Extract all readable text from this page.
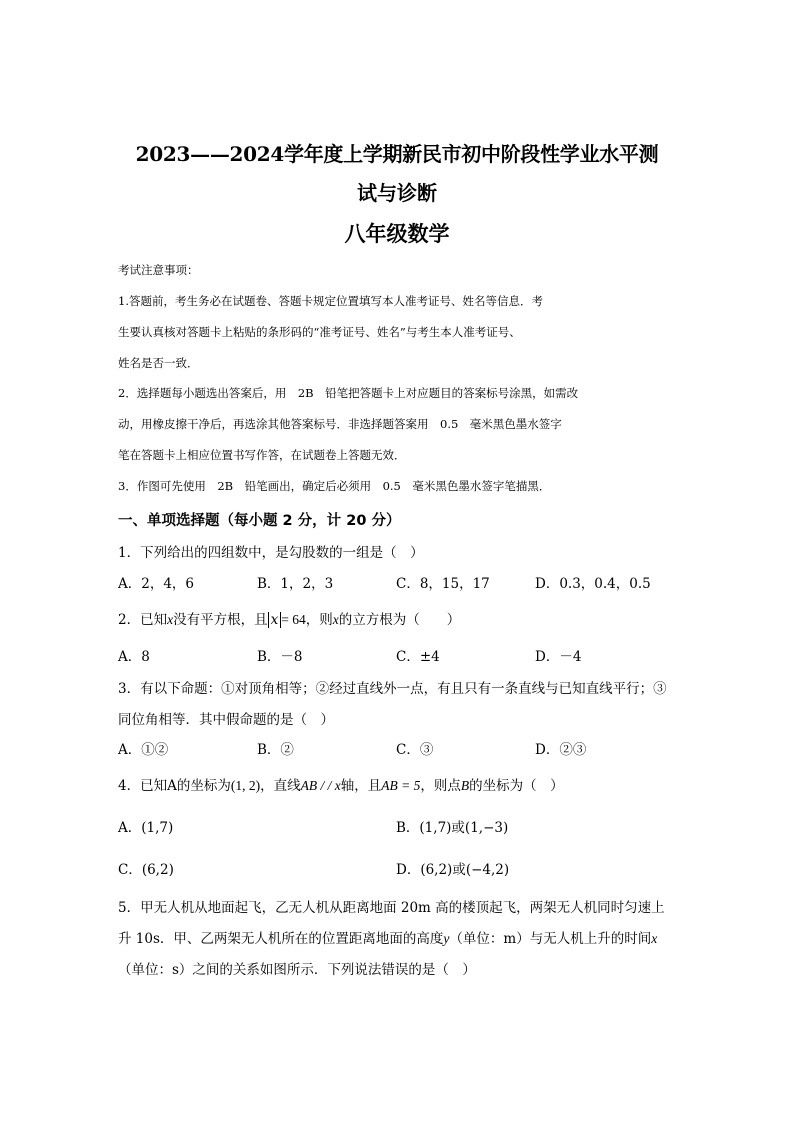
2023——2024学年度上学期新民市初中阶段性学业水平测
试与诊断
八年级数学
考试注意事项：
1.答题前，考生务必在试题卷、答题卡规定位置填写本人准考证号、姓名等信息．考
生要认真核对答题卡上粘贴的条形码的“准考证号、姓名”与考生本人准考证号、
姓名是否一致．
2．选择题每小题选出答案后，用　2B　铅笔把答题卡上对应题目的答案标号涂黑，如需改
动，用橡皮擦干净后，再选涂其他答案标号．非选择题答案用　0.5　毫米黑色墨水签字
笔在答题卡上相应位置书写作答，在试题卷上答题无效．
3．作图可先使用　2B　铅笔画出，确定后必须用　0.5　毫米黑色墨水签字笔描黑．
一、单项选择题（每小题 2 分，计 20 分）
1．下列给出的四组数中，是勾股数的一组是（　）
A．2，4，6	B．1，2，3	C．8，15，17	D．0.3，0.4，0.5
2．已知x没有平方根，且 x = 64，则x的立方根为（　　）
A．8	B．－8	C．±4	D．－4
3．有以下命题：①对顶角相等；②经过直线外一点，有且只有一条直线与已知直线平行；③
同位角相等．其中假命题的是（　）
A．①②	B．②	C．③	D．②③
4．已知A的坐标为(1, 2)，直线AB / / x轴，且AB = 5，则点B的坐标为（　）
A．(1,7)	B．(1,7)或(1,−3)
C．(6,2)	D．(6,2)或(−4,2)
5．甲无人机从地面起飞，乙无人机从距离地面 20m 高的楼顶起飞，两架无人机同时匀速上
升 10s．甲、乙两架无人机所在的位置距离地面的高度y（单位：m）与无人机上升的时间x
（单位：s）之间的关系如图所示．下列说法错误的是（　）
